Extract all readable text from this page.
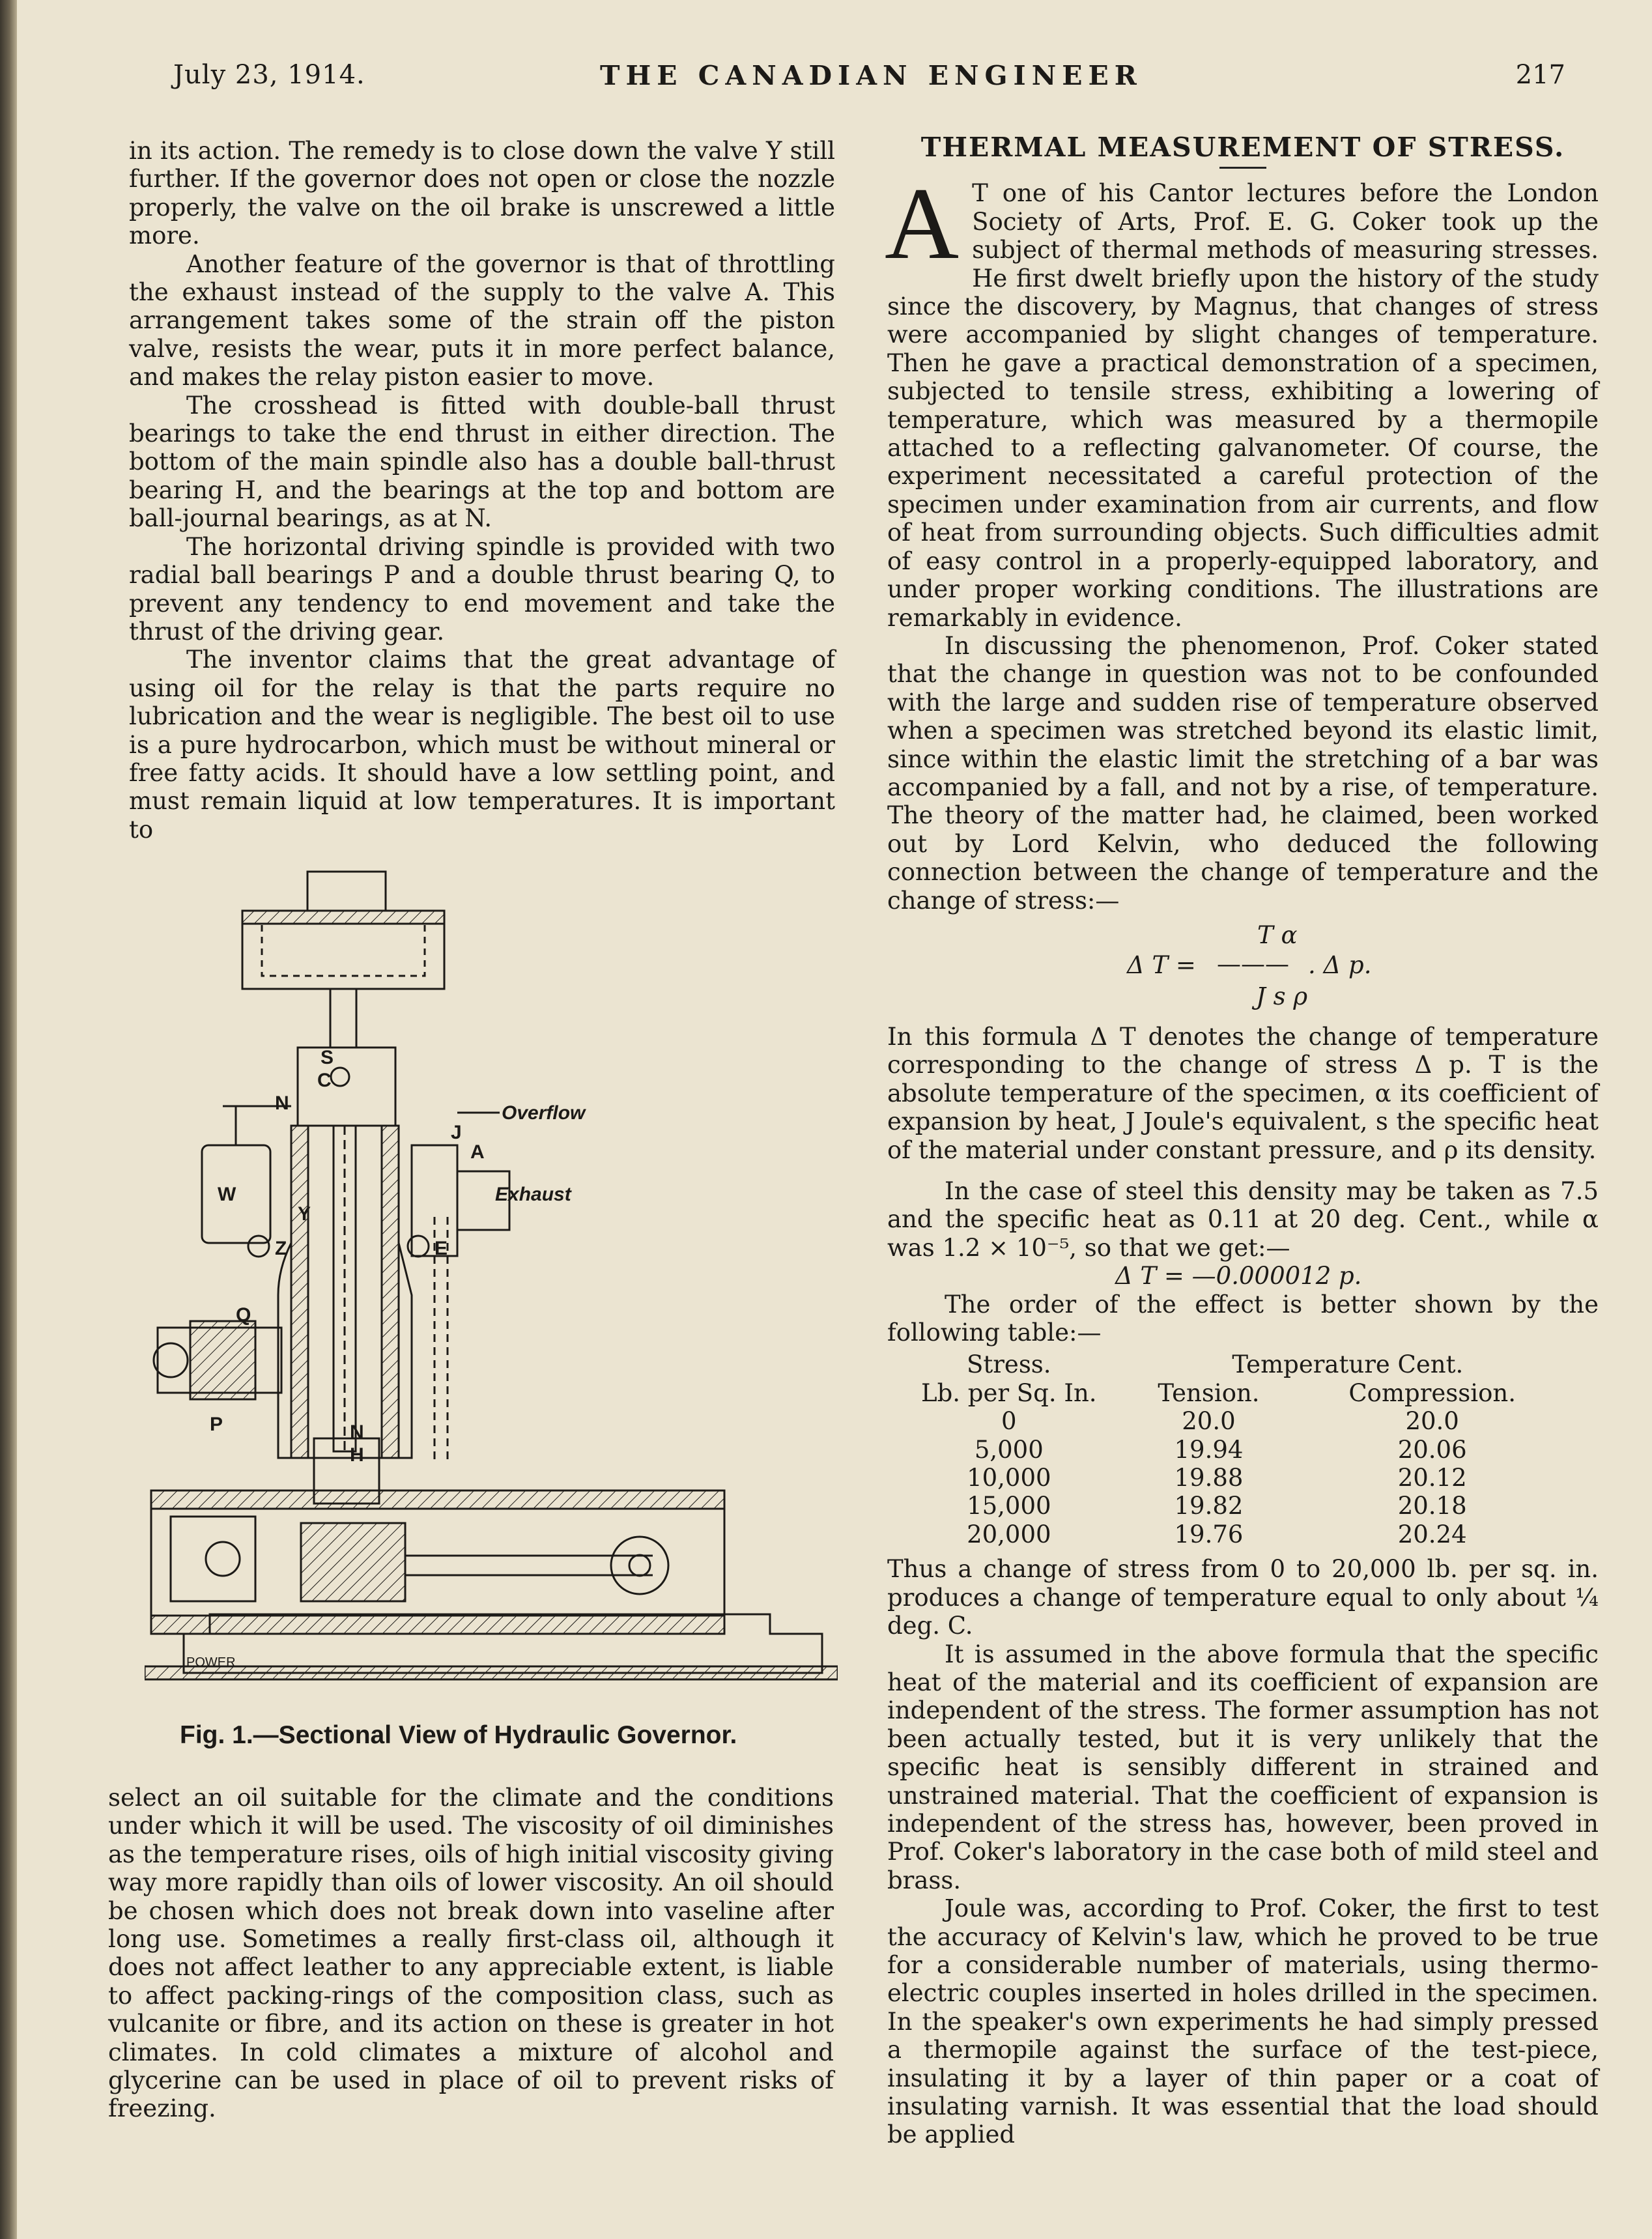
July 23, 1914.	THE CANADIAN ENGINEER	217

in its action. The remedy is to close down the valve Y still further. If the governor does not open or close the nozzle properly, the valve on the oil brake is unscrewed a little more.

Another feature of the governor is that of throttling the exhaust instead of the supply to the valve A. This arrangement takes some of the strain off the piston valve, resists the wear, puts it in more perfect balance, and makes the relay piston easier to move.

The crosshead is fitted with double-ball thrust bearings to take the end thrust in either direction. The bottom of the main spindle also has a double ball-thrust bearing H, and the bearings at the top and bottom are ball-journal bearings, as at N.

The horizontal driving spindle is provided with two radial ball bearings P and a double thrust bearing Q, to prevent any tendency to end movement and take the thrust of the driving gear.

The inventor claims that the great advantage of using oil for the relay is that the parts require no lubrication and the wear is negligible. The best oil to use is a pure hydrocarbon, which must be without mineral or free fatty acids. It should have a low settling point, and must remain liquid at low temperatures. It is important to

S
C
N	Overflow
J
A
Exhaust
W
Y
Z	E
Q
P	N
H
POWER
Fig. 1.—Sectional View of Hydraulic Governor.

select an oil suitable for the climate and the conditions under which it will be used. The viscosity of oil diminishes as the temperature rises, oils of high initial viscosity giving way more rapidly than oils of lower viscosity. An oil should be chosen which does not break down into vaseline after long use. Sometimes a really first-class oil, although it does not affect leather to any appreciable extent, is liable to affect packing-rings of the composition class, such as vulcanite or fibre, and its action on these is greater in hot climates. In cold climates a mixture of alcohol and glycerine can be used in place of oil to prevent risks of freezing.

THERMAL MEASUREMENT OF STRESS.

A T one of his Cantor lectures before the London Society of Arts, Prof. E. G. Coker took up the subject of thermal methods of measuring stresses. He first dwelt briefly upon the history of the study since the discovery, by Magnus, that changes of stress were accompanied by slight changes of temperature. Then he gave a practical demonstration of a specimen, subjected to tensile stress, exhibiting a lowering of temperature, which was measured by a thermopile attached to a reflecting galvanometer. Of course, the experiment necessitated a careful protection of the specimen under examination from air currents, and flow of heat from surrounding objects. Such difficulties admit of easy control in a properly-equipped laboratory, and under proper working conditions. The illustrations are remarkably in evidence.

In discussing the phenomenon, Prof. Coker stated that the change in question was not to be confounded with the large and sudden rise of temperature observed when a specimen was stretched beyond its elastic limit, since within the elastic limit the stretching of a bar was accompanied by a fall, and not by a rise, of temperature. The theory of the matter had, he claimed, been worked out by Lord Kelvin, who deduced the following connection between the change of temperature and the change of stress:—

T α
Δ T = ——— . Δ p.
J s ρ

In this formula Δ T denotes the change of temperature corresponding to the change of stress Δ p. T is the absolute temperature of the specimen, α its coefficient of expansion by heat, J Joule's equivalent, s the specific heat of the material under constant pressure, and ρ its density.

In the case of steel this density may be taken as 7.5 and the specific heat as 0.11 at 20 deg. Cent., while α was 1.2 × 10⁻⁵, so that we get:—

Δ T = —0.000012 p.

The order of the effect is better shown by the following table:—

Stress.	Temperature Cent.	
Lb. per Sq. In.	Tension.	Compression.
0	20.0	20.0
5,000	19.94	20.06
10,000	19.88	20.12
15,000	19.82	20.18
20,000	19.76	20.24

Thus a change of stress from 0 to 20,000 lb. per sq. in. produces a change of temperature equal to only about ¼ deg. C.

It is assumed in the above formula that the specific heat of the material and its coefficient of expansion are independent of the stress. The former assumption has not been actually tested, but it is very unlikely that the specific heat is sensibly different in strained and unstrained material. That the coefficient of expansion is independent of the stress has, however, been proved in Prof. Coker's laboratory in the case both of mild steel and brass.

Joule was, according to Prof. Coker, the first to test the accuracy of Kelvin's law, which he proved to be true for a considerable number of materials, using thermo-electric couples inserted in holes drilled in the specimen. In the speaker's own experiments he had simply pressed a thermopile against the surface of the test-piece, insulating it by a layer of thin paper or a coat of insulating varnish. It was essential that the load should be applied
